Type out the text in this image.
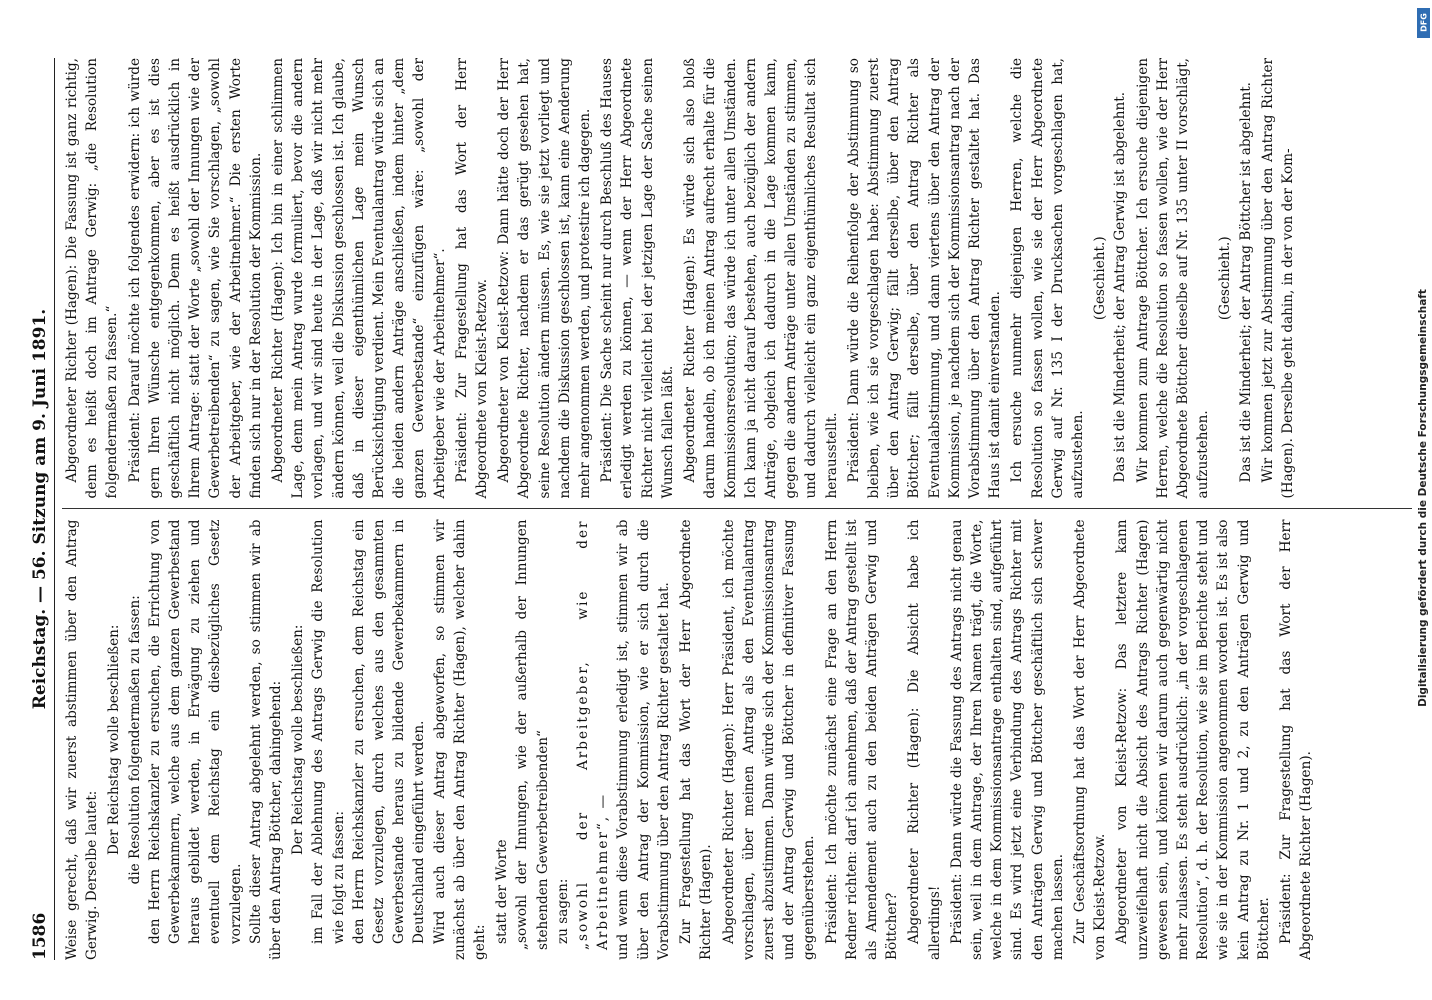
1586
Reichstag. — 56. Sitzung am 9. Juni 1891.

Weise gerecht, daß wir zuerst abstimmen über den Antrag Gerwig. Derselbe lautet:

Der Reichstag wolle beschließen: die Resolution folgendermaßen zu fassen: den Herrn Reichskanzler zu ersuchen, die Errichtung von Gewerbekammern, welche aus dem ganzen Gewerbestand heraus gebildet werden, in Erwägung zu ziehen und eventuell dem Reichstag ein diesbezügliches Gesetz vorzulegen. Sollte dieser Antrag abgelehnt werden, so stimmen wir ab über den Antrag Böttcher, dahingehend: Der Reichstag wolle beschließen: im Fall der Ablehnung des Antrags Gerwig die Resolution wie folgt zu fassen: den Herrn Reichskanzler zu ersuchen, dem Reichstag ein Gesetz vorzulegen, durch welches aus den gesammten Gewerbestande heraus zu bildende Gewerbekammern in Deutschland eingeführt werden. Wird auch dieser Antrag abgeworfen, so stimmen wir zunächst ab über den Antrag Richter (Hagen), welcher dahin geht: statt der Worte „sowohl der Innungen, wie der außerhalb der Innungen stehenden Gewerbetreibenden“ zu sagen: „sowohl der Arbeitgeber, wie der Arbeitnehmer“, — und wenn diese Vorabstimmung erledigt ist, stimmen wir ab über den Antrag der Kommission, wie er sich durch die Vorabstimmung über den Antrag Richter gestaltet hat. Zur Fragestellung hat das Wort der Herr Abgeordnete Richter (Hagen). Abgeordneter Richter (Hagen): Herr Präsident, ich möchte vorschlagen, über meinen Antrag als den Eventualantrag zuerst abzustimmen. Dann würde sich der Kommissionsantrag und der Antrag Gerwig und Böttcher in definitiver Fassung gegenüberstehen. Präsident: Ich möchte zunächst eine Frage an den Herrn Redner richten: darf ich annehmen, daß der Antrag gestellt ist als Amendement auch zu den beiden Anträgen Gerwig und Böttcher? Abgeordneter Richter (Hagen): Die Absicht habe ich allerdings! Präsident: Dann würde die Fassung des Antrags nicht genau sein, weil in dem Antrage, der Ihren Namen trägt, die Worte, welche in dem Kommissionsantrage enthalten sind, aufgeführt sind. Es wird jetzt eine Verbindung des Antrags Richter mit den Anträgen Gerwig und Böttcher geschäftlich sich schwer machen lassen. Zur Geschäftsordnung hat das Wort der Herr Abgeordnete von Kleist-Retzow. Abgeordneter von Kleist-Retzow: Das letztere kann unzweifelhaft nicht die Absicht des Antrags Richter (Hagen) gewesen sein, und können wir darum auch gegenwärtig nicht mehr zulassen. Es steht ausdrücklich: „in der vorgeschlagenen Resolution“, d. h. der Resolution, wie sie im Berichte steht und wie sie in der Kommission angenommen worden ist. Es ist also kein Antrag zu Nr. 1 und 2, zu den Anträgen Gerwig und Böttcher. Präsident: Zur Fragestellung hat das Wort der Herr Abgeordnete Richter (Hagen).

Abgeordneter Richter (Hagen): Die Fassung ist ganz richtig, denn es heißt doch im Antrage Gerwig: „die Resolution folgendermaßen zu fassen.“ Präsident: Darauf möchte ich folgendes erwidern: ich würde gern Ihren Wünsche entgegenkommen, aber es ist dies geschäftlich nicht möglich. Denn es heißt ausdrücklich in Ihrem Antrage: statt der Worte „sowohl der Innungen wie der Gewerbetreibenden“ zu sagen, wie Sie vorschlagen, „sowohl der Arbeitgeber, wie der Arbeitnehmer.“ Die ersten Worte finden sich nur in der Resolution der Kommission. Abgeordneter Richter (Hagen): Ich bin in einer schlimmen Lage, denn mein Antrag wurde formuliert, bevor die andern vorlagen, und wir sind heute in der Lage, daß wir nicht mehr ändern können, weil die Diskussion geschlossen ist. Ich glaube, daß in dieser eigenthümlichen Lage mein Wunsch Berücksichtigung verdient. Mein Eventualantrag würde sich an die beiden andern Anträge anschließen, indem hinter „dem ganzen Gewerbestande“ einzufügen wäre: „sowohl der Arbeitgeber wie der Arbeitnehmer“. Präsident: Zur Fragestellung hat das Wort der Herr Abgeordnete von Kleist-Retzow. Abgeordneter von Kleist-Retzow: Dann hätte doch der Herr Abgeordnete Richter, nachdem er das gerügt gesehen hat, seine Resolution ändern müssen. Es, wie sie jetzt vorliegt und nachdem die Diskussion geschlossen ist, kann eine Aenderung mehr angenommen werden, und protestire ich dagegen. Präsident: Die Sache scheint nur durch Beschluß des Hauses erledigt werden zu können, — wenn der Herr Abgeordnete Richter nicht vielleicht bei der jetzigen Lage der Sache seinen Wunsch fallen läßt. Abgeordneter Richter (Hagen): Es würde sich also bloß darum handeln, ob ich meinen Antrag aufrecht erhalte für die Kommissionsresolution; das würde ich unter allen Umständen. Ich kann ja nicht darauf bestehen, auch bezüglich der andern Anträge, obgleich ich dadurch in die Lage kommen kann, gegen die andern Anträge unter allen Umständen zu stimmen, und dadurch vielleicht ein ganz eigenthümliches Resultat sich herausstellt. Präsident: Dann würde die Reihenfolge der Abstimmung so bleiben, wie ich sie vorgeschlagen habe: Abstimmung zuerst über den Antrag Gerwig; fällt derselbe, über den Antrag Böttcher; fällt derselbe, über den Antrag Richter als Eventualabstimmung, und dann viertens über den Antrag der Kommission, je nachdem sich der Kommissionsantrag nach der Vorabstimmung über den Antrag Richter gestaltet hat. Das Haus ist damit einverstanden. Ich ersuche nunmehr diejenigen Herren, welche die Resolution so fassen wollen, wie sie der Herr Abgeordnete Gerwig auf Nr. 135 I der Drucksachen vorgeschlagen hat, aufzustehen.

(Geschieht.) Das ist die Minderheit; der Antrag Gerwig ist abgelehnt. Wir kommen zum Antrage Böttcher. Ich ersuche diejenigen Herren, welche die Resolution so fassen wollen, wie der Herr Abgeordnete Böttcher dieselbe auf Nr. 135 unter II vorschlägt, aufzustehen.

(Geschieht.) Das ist die Minderheit; der Antrag Böttcher ist abgelehnt. Wir kommen jetzt zur Abstimmung über den Antrag Richter (Hagen). Derselbe geht dahin, in der von der Kom-

DFG
Digitalisierung gefördert durch die Deutsche Forschungsgemeinschaft
